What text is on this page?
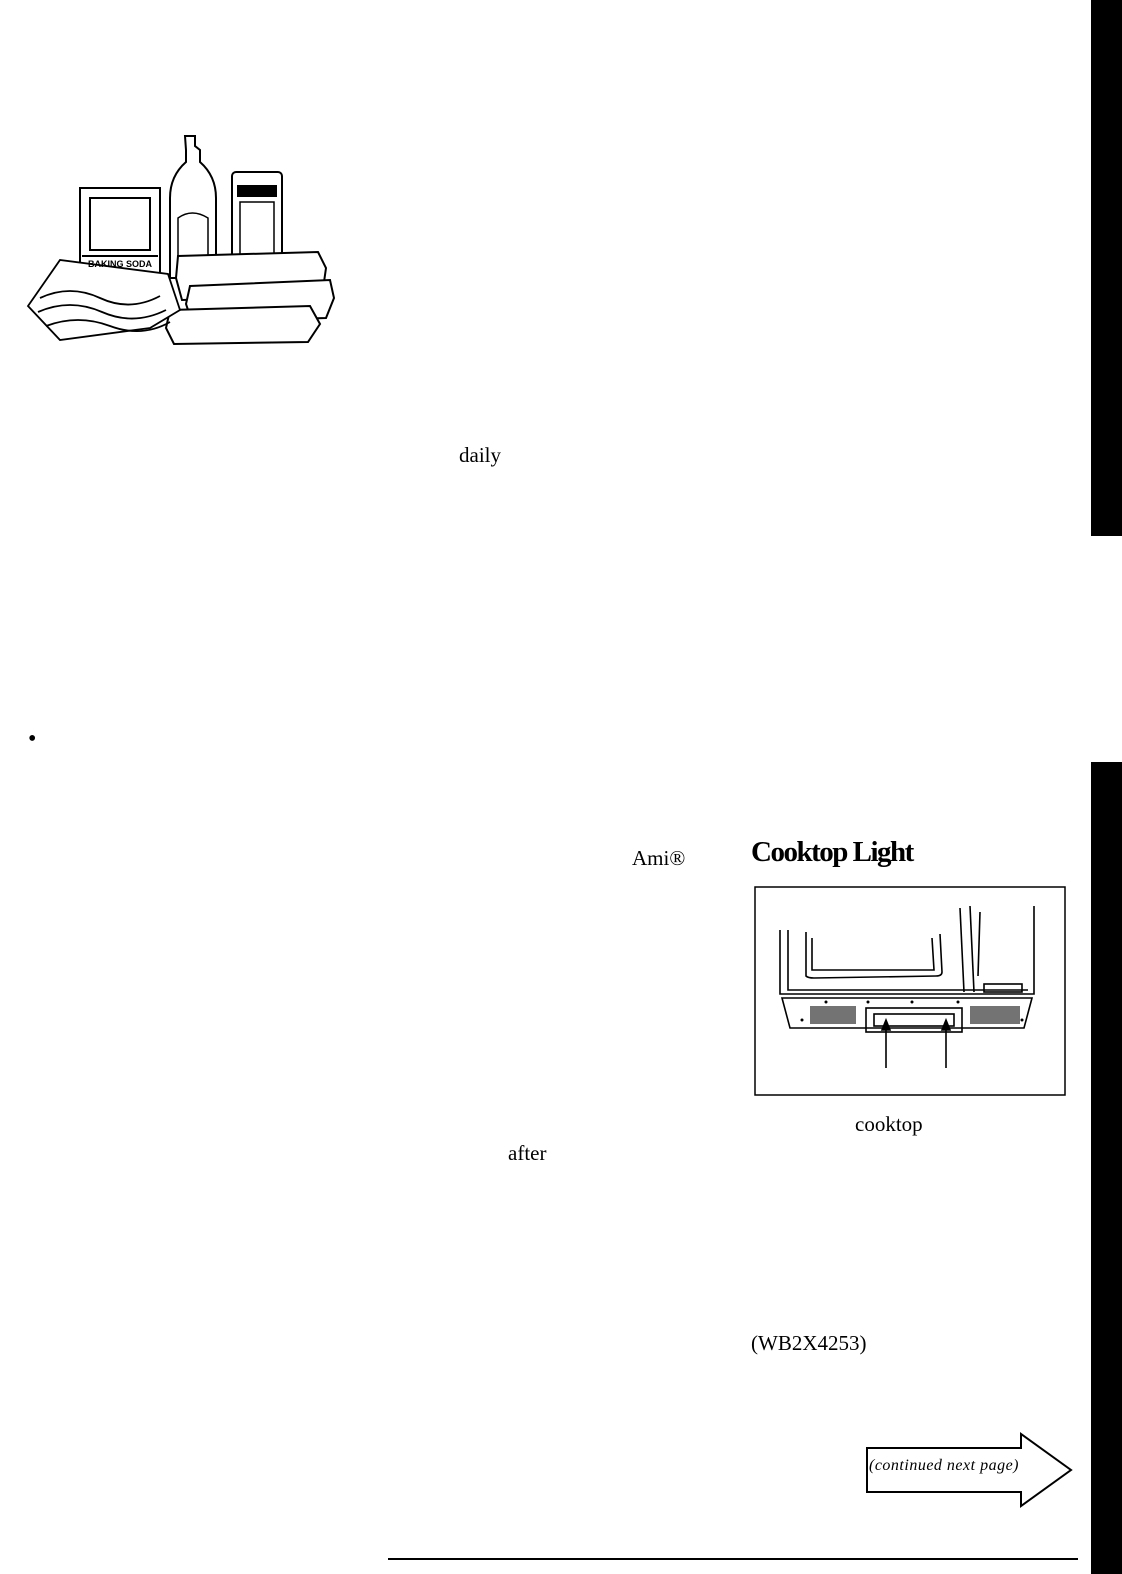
BAKING SODA
daily
•
Ami®
after
Cooktop Light
cooktop
(WB2X4253)
(continued next page)
